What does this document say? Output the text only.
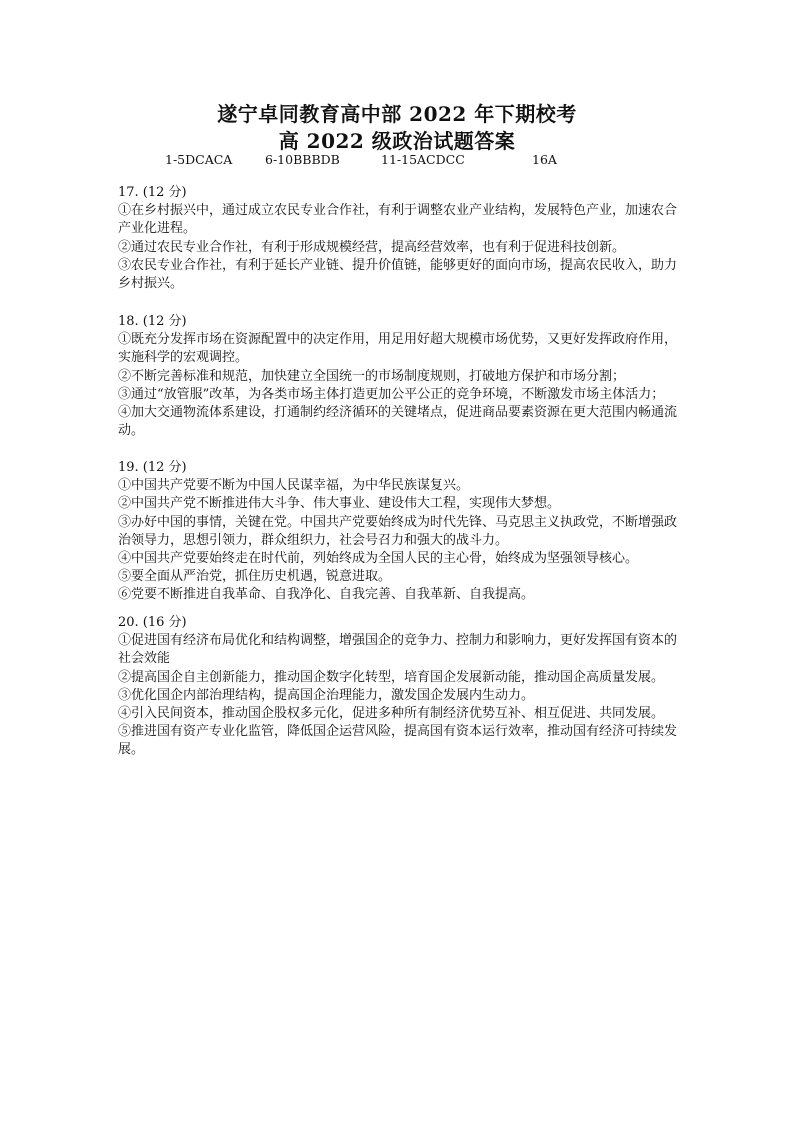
遂宁卓同教育高中部 2022 年下期校考
高 2022 级政治试题答案
1-5DCACA	6-10BBBDB	11-15ACDCC	16A

17. (12 分)

①在乡村振兴中，通过成立农民专业合作社，有利于调整农业产业结构，发展特色产业，加速农合产业化进程。

②通过农民专业合作社，有利于形成规模经营，提高经营效率，也有利于促进科技创新。

③农民专业合作社，有利于延长产业链、提升价值链，能够更好的面向市场，提高农民收入，助力乡村振兴。

18. (12 分)

①既充分发挥市场在资源配置中的决定作用，用足用好超大规模市场优势，又更好发挥政府作用，实施科学的宏观调控。

②不断完善标准和规范，加快建立全国统一的市场制度规则，打破地方保护和市场分割；

③通过“放管服”改革，为各类市场主体打造更加公平公正的竞争环境，不断激发市场主体活力；

④加大交通物流体系建设，打通制约经济循环的关键堵点，促进商品要素资源在更大范围内畅通流动。

19. (12 分)

①中国共产党要不断为中国人民谋幸福，为中华民族谋复兴。

②中国共产党不断推进伟大斗争、伟大事业、建设伟大工程，实现伟大梦想。

③办好中国的事情，关键在党。中国共产党要始终成为时代先锋、马克思主义执政党，不断增强政治领导力，思想引领力，群众组织力，社会号召力和强大的战斗力。

④中国共产党要始终走在时代前，列始终成为全国人民的主心骨，始终成为坚强领导核心。

⑤要全面从严治党，抓住历史机遇，锐意进取。

⑥党要不断推进自我革命、自我净化、自我完善、自我革新、自我提高。

20. (16 分)

①促进国有经济布局优化和结构调整，增强国企的竞争力、控制力和影响力，更好发挥国有资本的社会效能

②提高国企自主创新能力，推动国企数字化转型，培育国企发展新动能，推动国企高质量发展。

③优化国企内部治理结构，提高国企治理能力，激发国企发展内生动力。

④引入民间资本，推动国企股权多元化，促进多种所有制经济优势互补、相互促进、共同发展。

⑤推进国有资产专业化监管，降低国企运营风险，提高国有资本运行效率，推动国有经济可持续发展。
